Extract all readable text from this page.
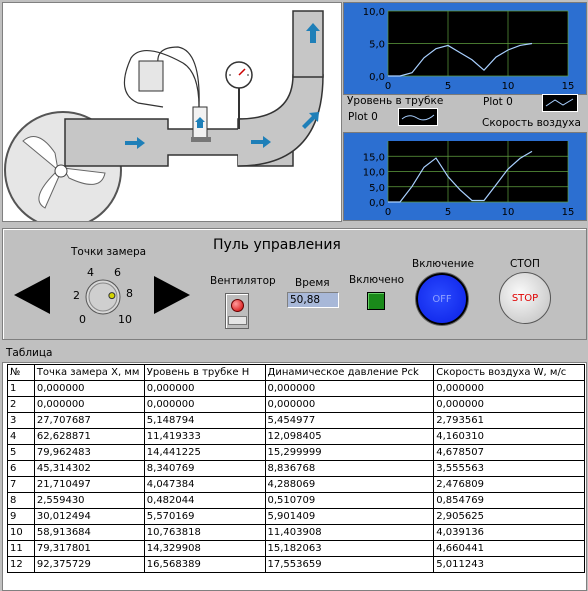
0	5	10	15
0,0
5,0
10,0
Уровень в трубке
Plot 0
Plot 0
Скорость воздуха
0	5	10	15
0,0
5,0
10,0
15,0
Пуль управления
Точки замера
0
2
4 6
8
10
Вентилятор Время
50,88
Включено
Включение
OFF
СТОП
STOP
Таблица
№	Точка замера X, мм	Уровень в трубке H	Динамическое давление Pck	Скорость воздуха W, м/с
1	0,000000	0,000000	0,000000	0,000000
2	0,000000	0,000000	0,000000	0,000000
3	27,707687	5,148794	5,454977	2,793561
4	62,628871	11,419333	12,098405	4,160310
5	79,962483	14,441225	15,299999	4,678507
6	45,314302	8,340769	8,836768	3,555563
7	21,710497	4,047384	4,288069	2,476809
8	2,559430	0,482044	0,510709	0,854769
9	30,012494	5,570169	5,901409	2,905625
10	58,913684	10,763818	11,403908	4,039136
11	79,317801	14,329908	15,182063	4,660441
12	92,375729	16,568389	17,553659	5,011243
